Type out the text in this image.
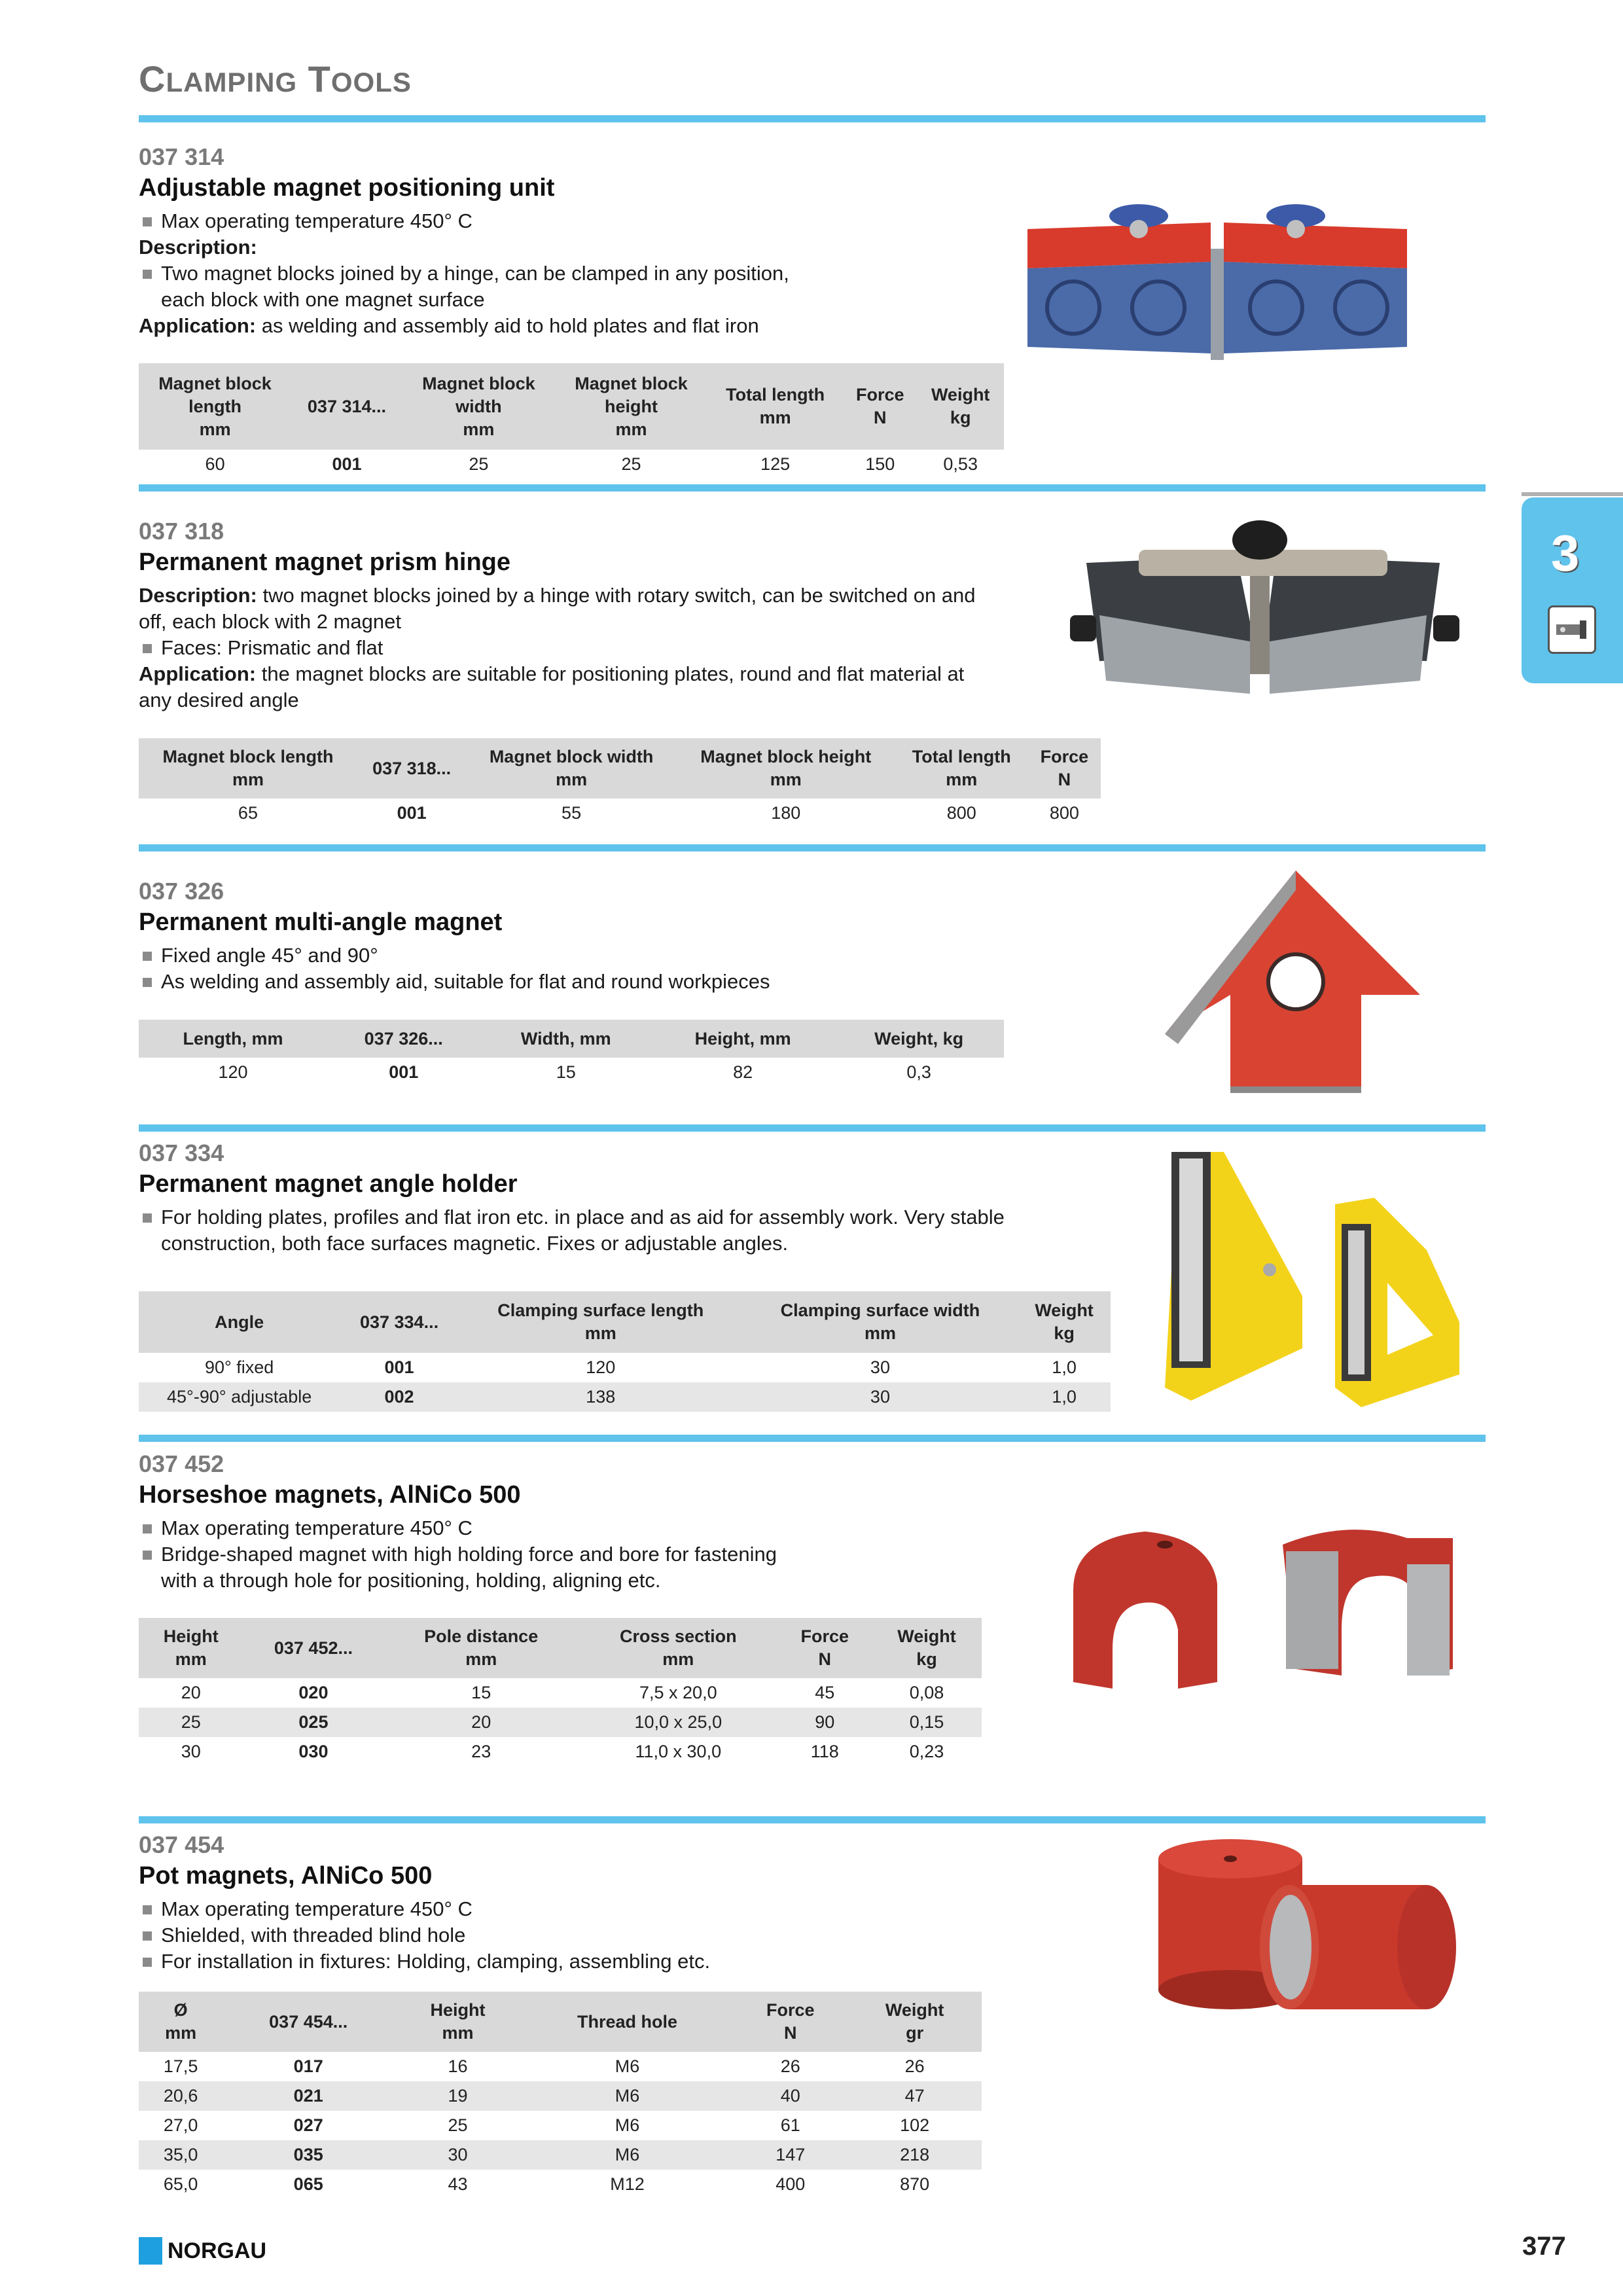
CLAMPING TOOLS
3
037 314
Adjustable magnet positioning unit
Max operating temperature 450° C
Description:
Two magnet blocks joined by a hinge, can be clamped in any position,
each block with one magnet surface
Application: as welding and assembly aid to hold plates and flat iron
Magnet block
length
mm	037 314...	Magnet block
width
mm	Magnet block
height
mm	Total length
mm	Force
N	Weight
kg
60	001	25	25	125	150	0,53
037 318
Permanent magnet prism hinge
Description: two magnet blocks joined by a hinge with rotary switch, can be switched on and
off, each block with 2 magnet
Faces: Prismatic and flat
Application: the magnet blocks are suitable for positioning plates, round and flat material at
any desired angle
Magnet block length
mm	037 318...	Magnet block width
mm	Magnet block height
mm	Total length
mm	Force
N
65	001	55	180	800	800
037 326
Permanent multi-angle magnet
Fixed angle 45° and 90°
As welding and assembly aid, suitable for flat and round workpieces
Length, mm	037 326...	Width, mm	Height, mm	Weight, kg
120	001	15	82	0,3
037 334
Permanent magnet angle holder
For holding plates, profiles and flat iron etc. in place and as aid for assembly work. Very stable
construction, both face surfaces magnetic. Fixes or adjustable angles.
Angle	037 334...	Clamping surface length
mm	Clamping surface width
mm	Weight
kg
90° fixed	001	120	30	1,0
45°-90° adjustable	002	138	30	1,0
037 452
Horseshoe magnets, AlNiCo 500
Max operating temperature 450° C
Bridge-shaped magnet with high holding force and bore for fastening
with a through hole for positioning, holding, aligning etc.
Height
mm	037 452...	Pole distance
mm	Cross section
mm	Force
N	Weight
kg
20	020	15	7,5 x 20,0	45	0,08
25	025	20	10,0 x 25,0	90	0,15
30	030	23	11,0 x 30,0	118	0,23
037 454
Pot magnets, AlNiCo 500
Max operating temperature 450° C
Shielded, with threaded blind hole
For installation in fixtures: Holding, clamping, assembling etc.
Ø
mm	037 454...	Height
mm	Thread hole	Force
N	Weight
gr
17,5	017	16	M6	26	26
20,6	021	19	M6	40	47
27,0	027	25	M6	61	102
35,0	035	30	M6	147	218
65,0	065	43	M12	400	870
NORGAU	377
